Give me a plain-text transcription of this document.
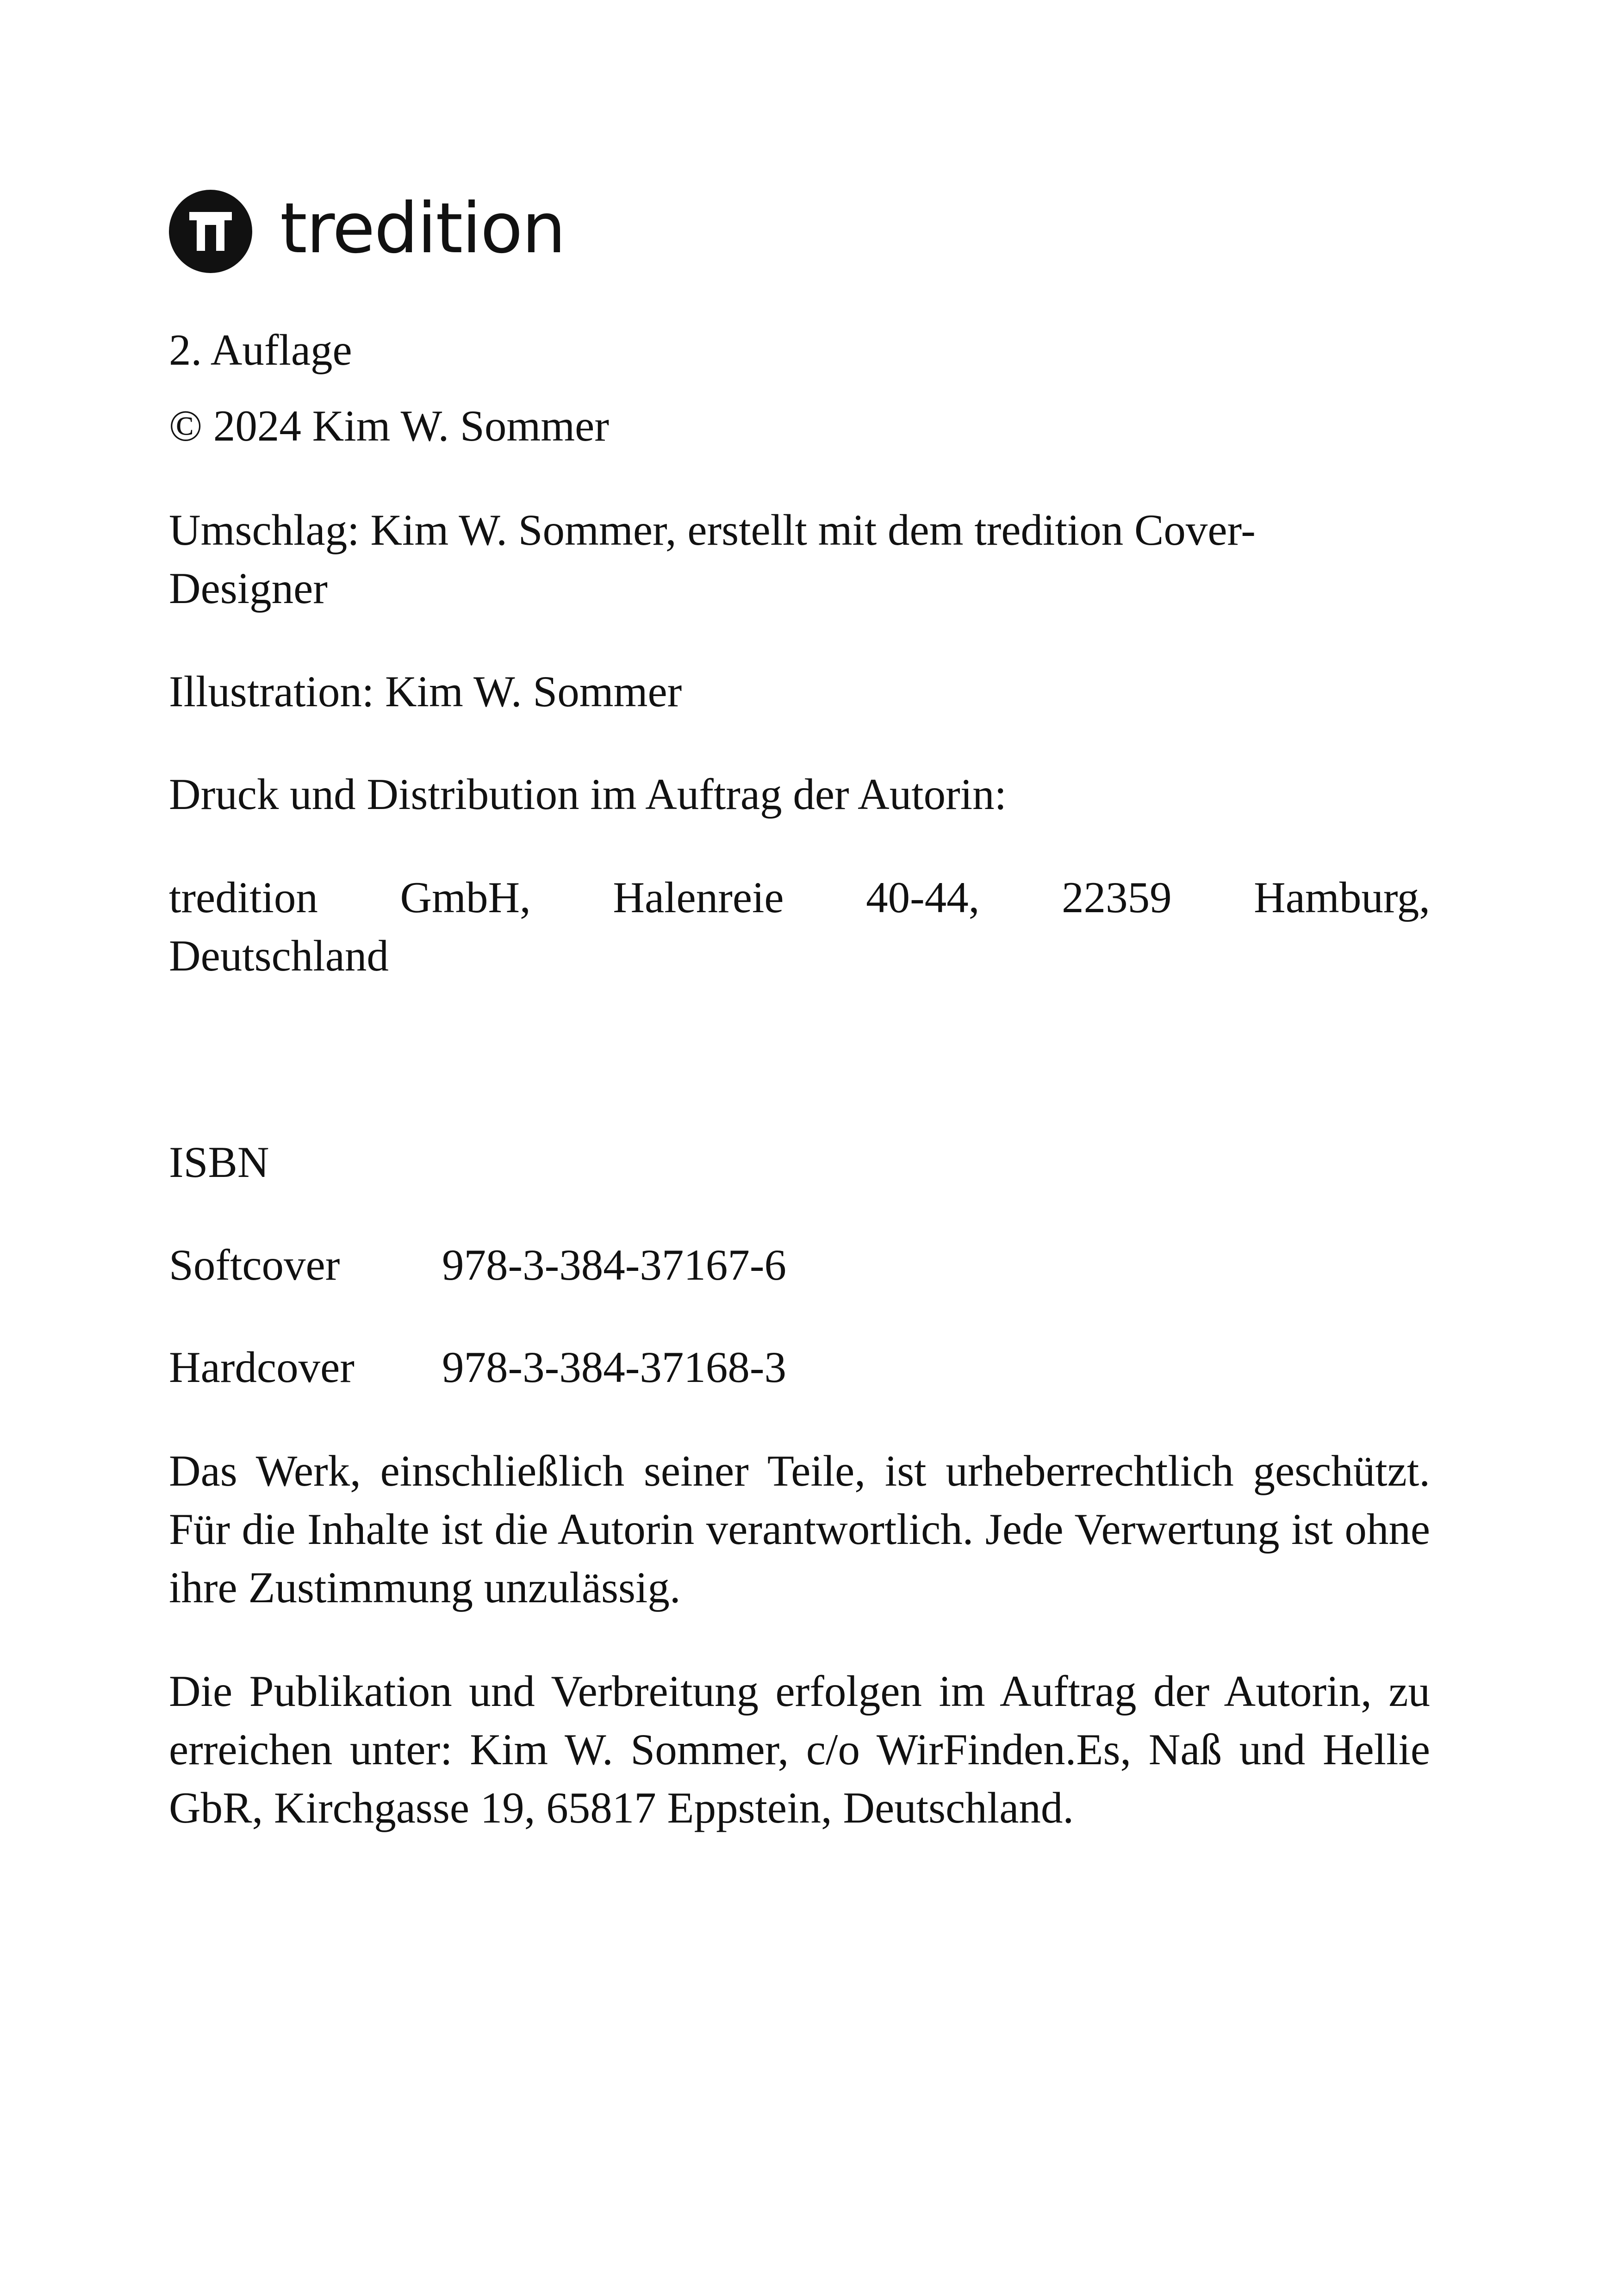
tredition

2. Auflage

© 2024 Kim W. Sommer

Umschlag: Kim W. Sommer, erstellt mit dem tredition Cover-

Designer

Illustration: Kim W. Sommer

Druck und Distribution im Auftrag der Autorin:

tredition GmbH, Halenreie 40-44, 22359 Hamburg,

Deutschland

ISBN

Softcover 978-3-384-37167-6
Hardcover 978-3-384-37168-3

Das Werk, einschließlich seiner Teile, ist urheberrechtlich geschützt. Für die Inhalte ist die Autorin verantwortlich. Jede Verwertung ist ohne ihre Zustimmung unzulässig.

Die Publikation und Verbreitung erfolgen im Auftrag der Autorin, zu erreichen unter: Kim W. Sommer, c/o WirFinden.Es, Naß und Hellie GbR, Kirchgasse 19, 65817 Eppstein, Deutschland.
